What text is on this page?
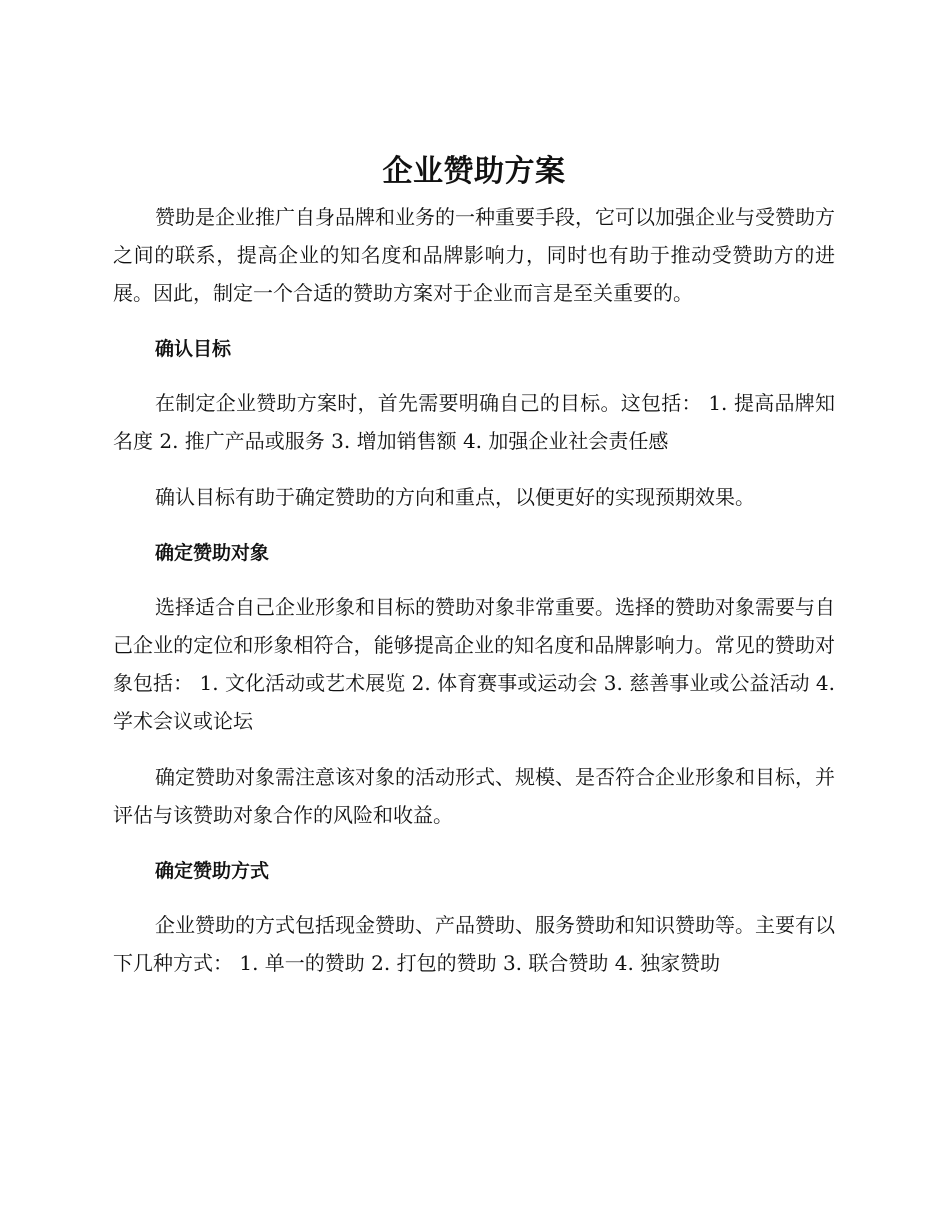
企业赞助方案

赞助是企业推广自身品牌和业务的一种重要手段，它可以加强企业与受赞助方之间的联系，提高企业的知名度和品牌影响力，同时也有助于推动受赞助方的进展。因此，制定一个合适的赞助方案对于企业而言是至关重要的。

确认目标

在制定企业赞助方案时，首先需要明确自己的目标。这包括： 1. 提高品牌知名度 2. 推广产品或服务 3. 增加销售额 4. 加强企业社会责任感

确认目标有助于确定赞助的方向和重点，以便更好的实现预期效果。

确定赞助对象

选择适合自己企业形象和目标的赞助对象非常重要。选择的赞助对象需要与自己企业的定位和形象相符合，能够提高企业的知名度和品牌影响力。常见的赞助对象包括： 1. 文化活动或艺术展览 2. 体育赛事或运动会 3. 慈善事业或公益活动 4. 学术会议或论坛

确定赞助对象需注意该对象的活动形式、规模、是否符合企业形象和目标，并评估与该赞助对象合作的风险和收益。

确定赞助方式

企业赞助的方式包括现金赞助、产品赞助、服务赞助和知识赞助等。主要有以下几种方式： 1. 单一的赞助 2. 打包的赞助 3. 联合赞助 4. 独家赞助
